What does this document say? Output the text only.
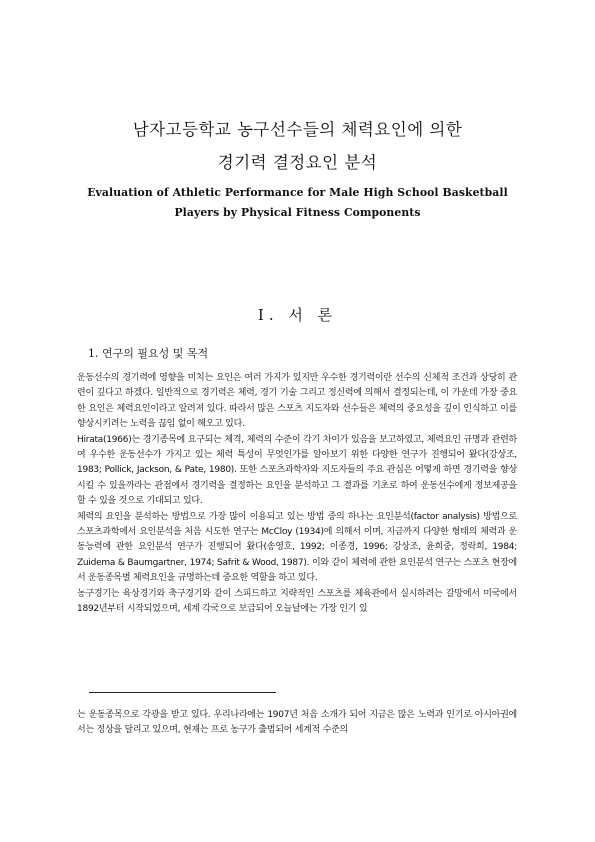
남자고등학교 농구선수들의 체력요인에 의한
경기력 결정요인 분석
Evaluation of Athletic Performance for Male High School Basketball
Players by Physical Fitness Components
Ⅰ. 서 론
1. 연구의 필요성 및 목적

운동선수의 경기력에 영향을 미치는 요인은 여러 가지가 있지만 우수한 경기력이란 선수의 신체적 조건과 상당히 관련이 깊다고 하겠다. 일반적으로 경기력은 체력, 경기 기술 그리고 정신력에 의해서 결정되는데, 이 가운데 가장 중요한 요인은 체력요인이라고 알려져 있다. 따라서 많은 스포츠 지도자와 선수들은 체력의 중요성을 깊이 인식하고 이를 향상시키려는 노력을 끊임 없이 해오고 있다.

Hirata(1966)는 경기종목에 요구되는 체격, 체력의 수준이 각기 차이가 있음을 보고하였고, 체력요인 규명과 관련하여 우수한 운동선수가 가지고 있는 체력 특성이 무엇인가를 알아보기 위한 다양한 연구가 진행되어 왔다(강상조, 1983; Pollick, Jackson, & Pate, 1980). 또한 스포츠과학자와 지도자들의 주요 관심은 어떻게 하면 경기력을 향상시킬 수 있을까라는 관점에서 경기력을 결정하는 요인을 분석하고 그 결과를 기초로 하여 운동선수에게 정보제공을 할 수 있을 것으로 기대되고 있다.

체력의 요인을 분석하는 방법으로 가장 많이 이용되고 있는 방법 중의 하나는 요인분석(factor analysis) 방법으로 스포츠과학에서 요인분석을 처음 시도한 연구는 McCloy (1934)에 의해서 이며, 지금까지 다양한 형태의 체력과 운동능력에 관한 요인분석 연구가 진행되어 왔다(송영호, 1992; 이종경, 1996; 강상조, 윤희중, 정락희, 1984; Zuidema & Baumgartner, 1974; Safrit & Wood, 1987). 이와 같이 체력에 관한 요인분석 연구는 스포츠 현장에서 운동종목별 체력요인을 규명하는데 중요한 역할을 하고 있다.

농구경기는 육상경기와 축구경기와 같이 스피드하고 지략적인 스포츠를 체육관에서 실시하려는 갈망에서 미국에서 1892년부터 시작되었으며, 세계 각국으로 보급되어 오늘날에는 가장 인기 있

는 운동종목으로 각광을 받고 있다. 우리나라에는 1907년 처음 소개가 되어 지금은 많은 노력과 인기로 아시아권에서는 정상을 달리고 있으며, 현재는 프로 농구가 출범되어 세계적 수준의
